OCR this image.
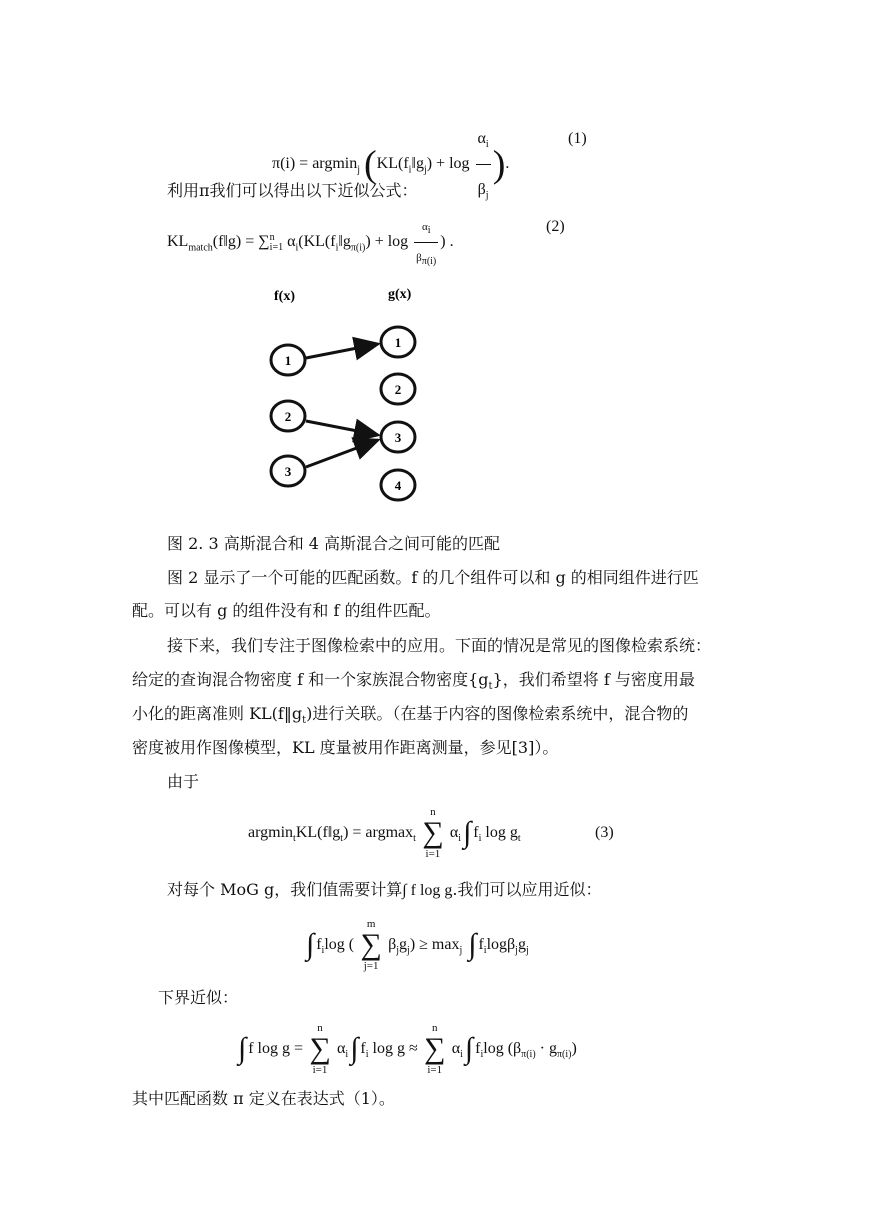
π(i) = argmin$_j$ ($KL(f_i‖g_j) + \log \frac{\alpha_i}{\beta_j}$ ).
(1)
利用π我们可以得出以下近似公式：
$KL_{match}(f‖g)$ = ∑ n
i=1 $\alpha_i(KL(f_i‖g_{\pi(i)}) + \log \frac{\alpha_i}{\beta_{\pi(i)}}$ ) .
(2)
f(x)	g(x)
1
2
3
1
2
3
4
图 2. 3 高斯混合和 4 高斯混合之间可能的匹配
图 2 显示了一个可能的匹配函数。f 的几个组件可以和 g 的相同组件进行匹
配。可以有 g 的组件没有和 f 的组件匹配。
接下来，我们专注于图像检索中的应用。下面的情况是常见的图像检索系统：
给定的查询混合物密度 f 和一个家族混合物密度$\{g_t\}$，我们希望将 f 与密度用最
小化的距离准则 $KL(f‖g_t)$进行关联。（在基于内容的图像检索系统中，混合物的
密度被用作图像模型，KL 度量被用作距离测量，参见[3]）。
由于
$argmin_tKL(f‖g_t) = argmax_t$
n
∑
i=1
$\alpha_i\int$ $f_i$ $\log g_t$	(3)
对每个 MoG g，我们值需要计算∫ f log g.我们可以应用近似：
∫ $f_i\log$ (
m
∑
j=1
$\beta_jg_j) \ge \max_j$ ∫ $f_i\log\beta_jg_j$
下界近似：
∫ f log g =
n
∑
i=1
$\alpha_i\int$ $f_i$ log g ≈
n
∑
i=1
$\alpha_i\int$ $f_i\log$ $(\beta_{\pi(i)} \cdot g_{\pi(i)})$
其中匹配函数 π 定义在表达式（1）。
